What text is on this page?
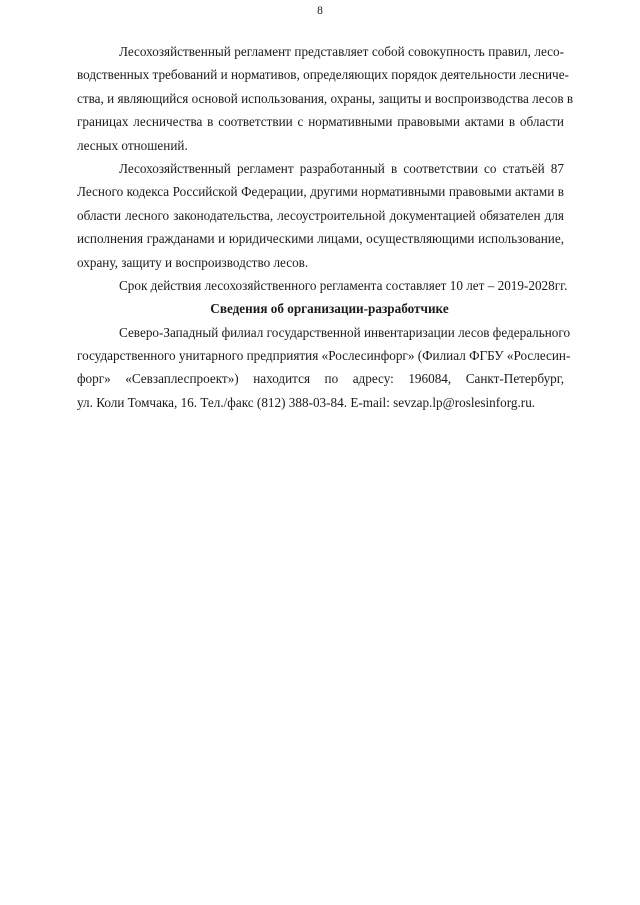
8
Лесохозяйственный регламент представляет собой совокупность правил, лесо-
водственных требований и нормативов, определяющих порядок деятельности лесниче-
ства, и являющийся основой использования, охраны, защиты и воспроизводства лесов в
границах лесничества в соответствии с нормативными правовыми актами в области
лесных отношений.
Лесохозяйственный регламент разработанный в соответствии со статьёй 87
Лесного кодекса Российской Федерации, другими нормативными правовыми актами в
области лесного законодательства, лесоустроительной документацией обязателен для
исполнения гражданами и юридическими лицами, осуществляющими использование,
охрану, защиту и воспроизводство лесов.
Срок действия лесохозяйственного регламента составляет 10 лет – 2019-2028гг.
Сведения об организации-разработчике
Северо-Западный филиал государственной инвентаризации лесов федерального
государственного унитарного предприятия «Рослесинфорг» (Филиал ФГБУ «Рослесин-
форг» «Севзаплеспроект») находится по адресу: 196084, Санкт-Петербург,
ул. Коли Томчака, 16. Тел./факс (812) 388-03-84. E-mail: sevzap.lp@roslesinforg.ru.
